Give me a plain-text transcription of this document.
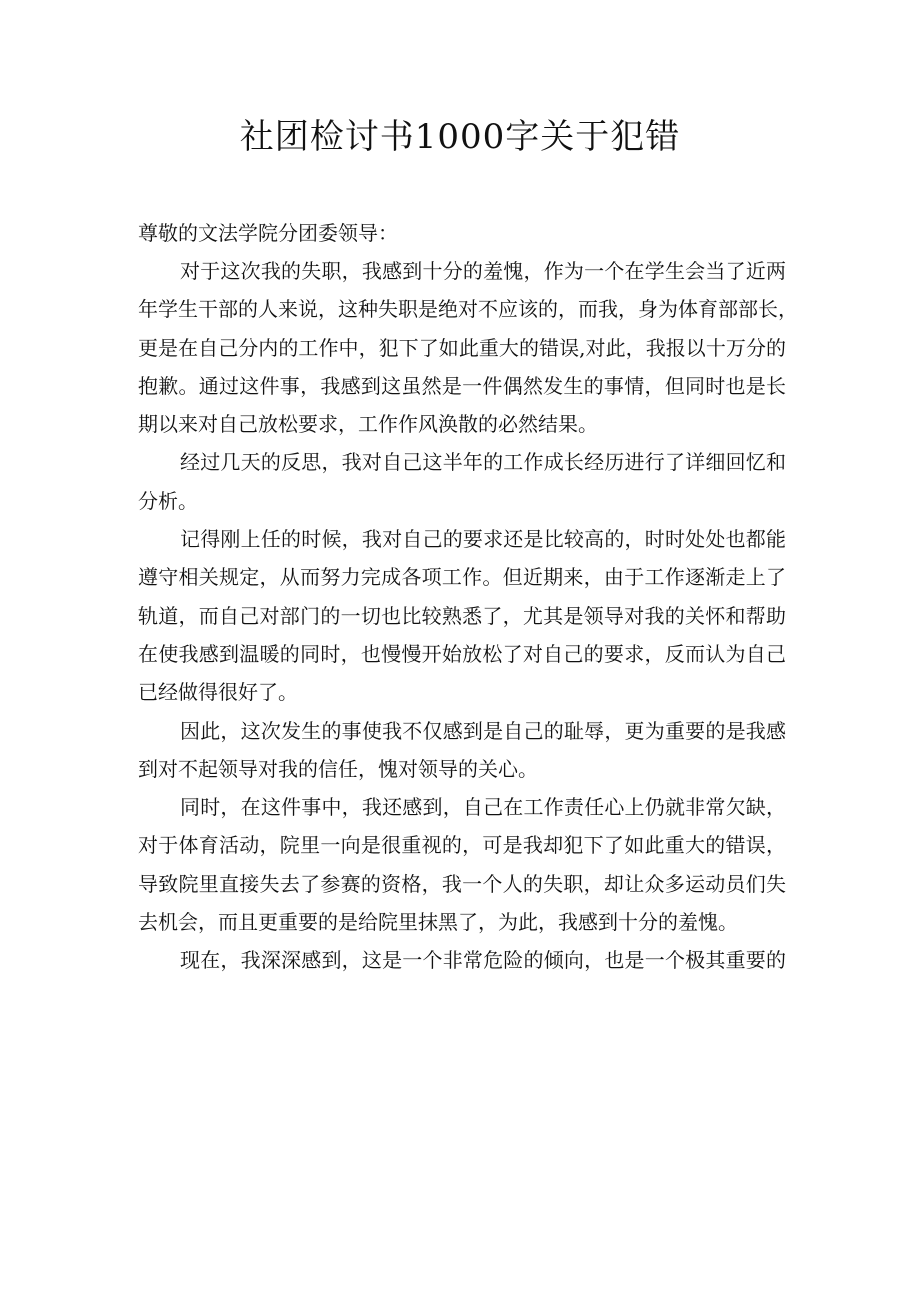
社团检讨书1000字关于犯错

尊敬的文法学院分团委领导：

对于这次我的失职，我感到十分的羞愧，作为一个在学生会当了近两
年学生干部的人来说，这种失职是绝对不应该的，而我，身为体育部部长，
更是在自己分内的工作中，犯下了如此重大的错误,对此，我报以十万分的
抱歉。通过这件事，我感到这虽然是一件偶然发生的事情，但同时也是长
期以来对自己放松要求，工作作风涣散的必然结果。

经过几天的反思，我对自己这半年的工作成长经历进行了详细回忆和
分析。

记得刚上任的时候，我对自己的要求还是比较高的，时时处处也都能
遵守相关规定，从而努力完成各项工作。但近期来，由于工作逐渐走上了
轨道，而自己对部门的一切也比较熟悉了，尤其是领导对我的关怀和帮助
在使我感到温暖的同时，也慢慢开始放松了对自己的要求，反而认为自己
已经做得很好了。

因此，这次发生的事使我不仅感到是自己的耻辱，更为重要的是我感
到对不起领导对我的信任，愧对领导的关心。

同时，在这件事中，我还感到，自己在工作责任心上仍就非常欠缺，
对于体育活动，院里一向是很重视的，可是我却犯下了如此重大的错误，
导致院里直接失去了参赛的资格，我一个人的失职，却让众多运动员们失
去机会，而且更重要的是给院里抹黑了，为此，我感到十分的羞愧。

现在，我深深感到，这是一个非常危险的倾向，也是一个极其重要的
